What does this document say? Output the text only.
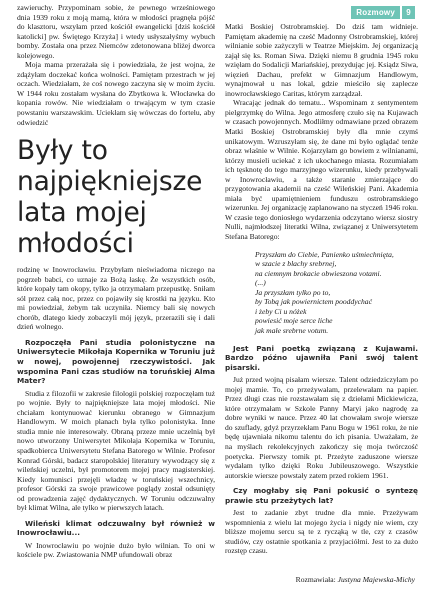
Rozmowy	9

zawieruchy. Przypominam sobie, że pewnego wrześniowego dnia 1939 roku z moją mamą, która w młodości pragnęła pójść do klasztoru, wszyłam przed kościół ewangelicki [dziś kościół katolicki] pw. Świętego Krzyża] i wtedy usłyszałyśmy wybuch bomby. Została ona przez Niemców zdetonowana bliżej dworca kolejowego.

Moja mama przerażała się i powiedziała, że jest wojna, że zdążyłam doczekać końca wolności. Pamiętam przestrach w jej oczach. Wiedziałam, że coś nowego zaczyna się w moim życiu. W 1944 roku zostałam wysłana do Zbytkowa k. Włocławka do kopania rowów. Nie wiedziałam o trwającym w tym czasie powstaniu warszawskim. Uciekłam się wówczas do fortelu, aby odwiedzić

Były to najpiękniejsze lata mojej młodości

rodzinę w Inowrocławiu. Przybyłam nieświadoma niczego na pogrzeb babci, co uznaje za Bożą łaskę. Że wszystkich osób, które kopały tam okopy, tylko ja otrzymałam przepustkę. Sniłam sól przez całą noc, przez co pojawiły się krostki na języku. Kto mi powiedział, żebym tak uczyniła. Niemcy bali się nowych chorób, dlatego kiedy zobaczyli mój język, przerazili się i dali dzień wolnego.

Rozpoczęła Pani studia polonistyczne na Uniwersytecie Mikołaja Kopernika w Toruniu już w nowej, powojennej rzeczywistości. Jak wspomina Pani czas studiów na toruńskiej Alma Mater?

Studia z filozofii w zakresie filologii polskiej rozpoczęłam tuż po wojnie. Były to najpiękniejsze lata mojej młodości. Nie chciałam kontynuować kierunku obranego w Gimnazjum Handlowym. W moich planach była tylko polonistyka. Inne studia mnie nie interesowały. Obraną przeze mnie uczelnią był nowo utworzony Uniwersytet Mikołaja Kopernika w Toruniu, spadkobierca Uniwersytetu Stefana Batorego w Wilnie. Profesor Konrad Górski, badacz staropolskiej literatury wywodzący się z wileńskiej uczelni, był promotorem mojej pracy magisterskiej. Kiedy komunisci przejęli władzę w toruńskiej wszechnicy, profesor Górski za swoje prawicowe poglądy został odsunięty od prowadzenia zajęć dydaktycznych. W Toruniu odczuwalny był klimat Wilna, ale tylko w pierwszych latach.

Wileński klimat odczuwalny był również w Inowrocławiu...

W Inowrocławiu po wojnie dużo było wilnian. To oni w kościele pw. Zwiastowania NMP ufundowali obraz

Matki Boskiej Ostrobramskiej. Do dziś tam widnieje. Pamiętam akademię na cześć Madonny Ostrobramskiej, której wilnianie sobie zażyczyli w Teatrze Miejskim. Jej organizacją zajął się ks. Roman Siwa. Dzięki niemu 8 grudnia 1945 roku wzięłam do Sodalicji Mariańskiej, prezydując jej. Ksiądz Siwa, więzień Dachau, prefekt w Gimnazjum Handlowym, wynajmował u nas lokal, gdzie mieściło się zaplecze inowrocławskiego Caritas, którym zarządzał.

Wracając jednak do tematu... Wspominam z sentymentem pielgrzymkę do Wilna. Jego atmosferę czuło się na Kujawach w czasach powojennych. Modliłmy odmawiane przed obrazem Matki Boskiej Ostrobramskiej były dla mnie czymś unikatowym. Wzruszyłam się, że dane mi było oglądać tenże obraz właśnie w Wilnie. Kojarzyłam go bowiem z wilnianami, którzy musieli uciekać z ich ukochanego miasta. Rozumiałam ich tęsknotę do tego marzyjnego wizerunku, kiedy przebywali w Inowrocławiu, a także staranie zmierzające do przygotowania akademii na cześć Wileńskiej Pani. Akademia miała być upamiętnieniem funduszu ostrobramskiego wizerunku. Jej organizację zaplanowano na styczeń 1946 roku. W czasie tego doniosłego wydarzenia odczytano wiersz siostry Nulli, najmłodszej literatki Wilna, związanej z Uniwersytetem Stefana Batorego:

Przyszłam do Ciebie, Panienko uśmiechnięta,
w szacie z blachy srebrnej,
na ciemnym brokacie obwieszona votami.
(...)
Ja przyszłam tylko po to,
by Tobą jak powiernictem pooddychać
i żeby Ci u nóżek
powiesić moje serce liche
jak małe srebrne votum.

Jest Pani poetką związaną z Kujawami. Bardzo późno ujawniła Pani swój talent pisarski.

Już przed wojną pisałam wiersze. Talent odziedziczyłam po mojej mamie. To, co przeżywałam, przelewałam na papier. Przez długi czas nie rozstawałam się z dziełami Mickiewicza, które otrzymałam w Szkole Panny Maryi jako nagrodę za dobre wyniki w nauce. Przez 40 lat chowałam swoje wiersze do szuflady, gdyż przyrzekłam Panu Bogu w 1961 roku, że nie będę ujawniała nikomu talentu do ich pisania. Uważałam, że na myślach rekolekcyjnych zakończy się moja twórczość poetycka. Pierwszy tomik pt. Przeżyte zaduszone wiersze wydałam tylko dzięki Roku Jubileuszowego. Wszystkie autorskie wiersze powstały zatem przed rokiem 1961.

Czy mogłaby się Pani pokusić o syntezę prawie stu przeżytych lat?

Jest to zadanie zbyt trudne dla mnie. Przeżywam wspomnienia z wielu lat mojego życia i nigdy nie wiem, czy bliższe mojemu sercu są te z rycząką w tle, czy z czasów studiów, czy ostatnie spotkania z przyjaciółmi. Jest to za dużo rozstęp czasu.

Rozmawiała: Justyna Majewska-Michy
